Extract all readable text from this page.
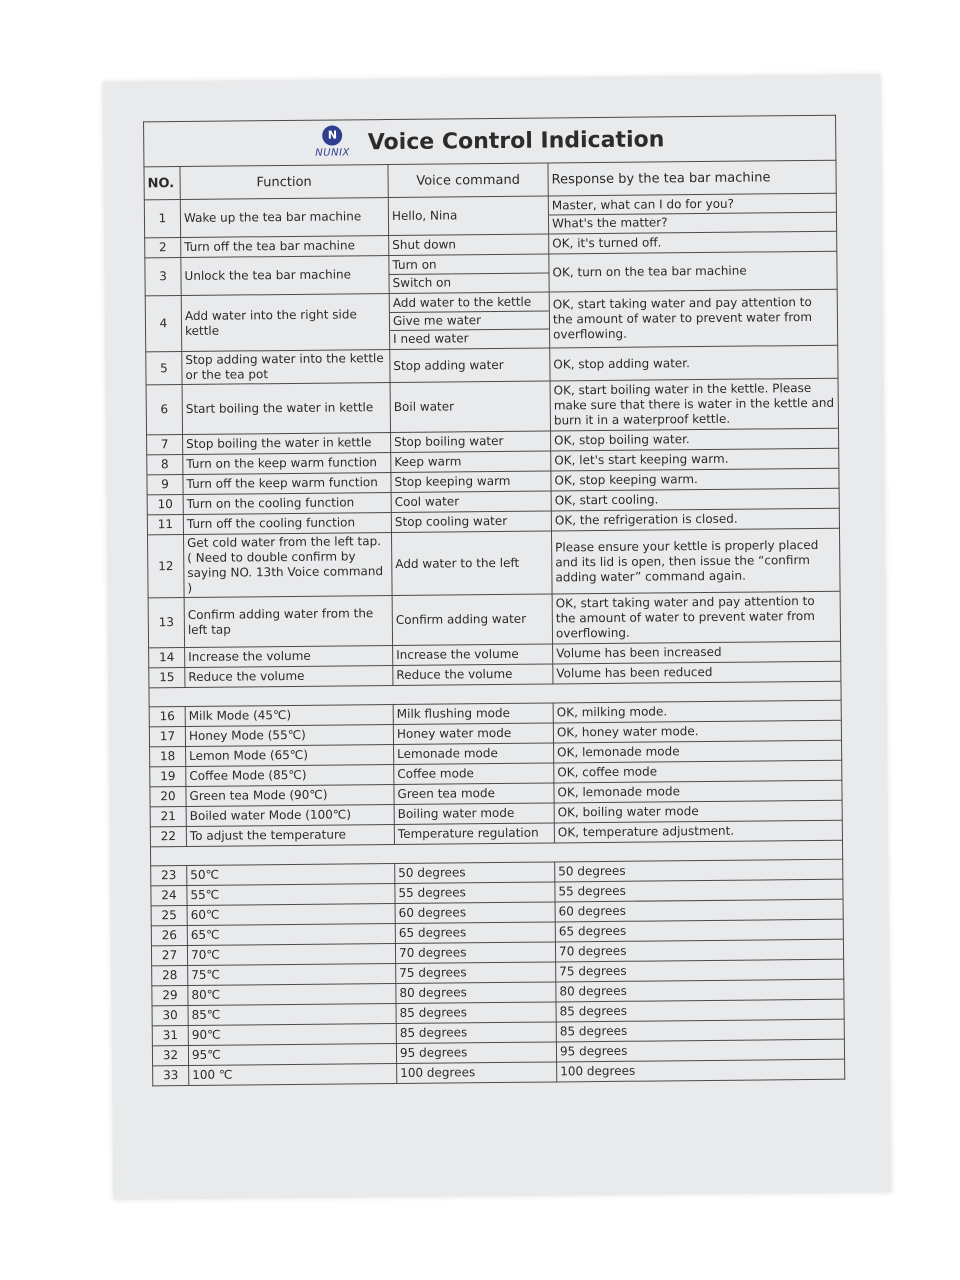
N
NUNIX Voice Control Indication			

NO.	Function	Voice command	Response by the tea bar machine
1	Wake up the tea bar machine	Hello, Nina	Master, what can I do for you?
What's the matter?

2	Turn off the tea bar machine	Shut down	OK, it's turned off.

3	Unlock the tea bar machine	Turn on
Switch on	OK, turn on the tea bar machine

4	Add water into the right side kettle	Add water to the kettle
Give me water
I need water	OK, start taking water and pay attention to the amount of water to prevent water from overflowing.

5	Stop adding water into the kettle or the tea pot	Stop adding water	OK, stop adding water.

6	Start boiling the water in kettle	Boil water	OK, start boiling water in the kettle. Please make sure that there is water in the kettle and burn it in a waterproof kettle.

7	Stop boiling the water in kettle	Stop boiling water	OK, stop boiling water.

8	Turn on the keep warm function	Keep warm	OK, let's start keeping warm.

9	Turn off the keep warm function	Stop keeping warm	OK, stop keeping warm.

10	Turn on the cooling function	Cool water	OK, start cooling.

11	Turn off the cooling function	Stop cooling water	OK, the refrigeration is closed.

12	Get cold water from the left tap. ( Need to double confirm by saying NO. 13th Voice command )	Add water to the left	Please ensure your kettle is properly placed and its lid is open, then issue the “confirm adding water” command again.

13	Confirm adding water from the left tap	Confirm adding water	OK, start taking water and pay attention to the amount of water to prevent water from overflowing.

14	Increase the volume	Increase the volume	Volume has been increased

15	Reduce the volume	Reduce the volume	Volume has been reduced

16	Milk Mode (45℃)	Milk flushing mode	OK, milking mode.

17	Honey Mode (55℃)	Honey water mode	OK, honey water mode.

18	Lemon Mode (65℃)	Lemonade mode	OK, lemonade mode

19	Coffee Mode (85℃)	Coffee mode	OK, coffee mode

20	Green tea Mode (90℃)	Green tea mode	OK, lemonade mode

21	Boiled water Mode (100℃)	Boiling water mode	OK, boiling water mode

22	To adjust the temperature	Temperature regulation	OK, temperature adjustment.

23	50℃	50 degrees	50 degrees

24	55℃	55 degrees	55 degrees

25	60℃	60 degrees	60 degrees

26	65℃	65 degrees	65 degrees

27	70℃	70 degrees	70 degrees

28	75℃	75 degrees	75 degrees

29	80℃	80 degrees	80 degrees

30	85℃	85 degrees	85 degrees

31	90℃	85 degrees	85 degrees

32	95℃	95 degrees	95 degrees

33	100 ℃	100 degrees	100 degrees
